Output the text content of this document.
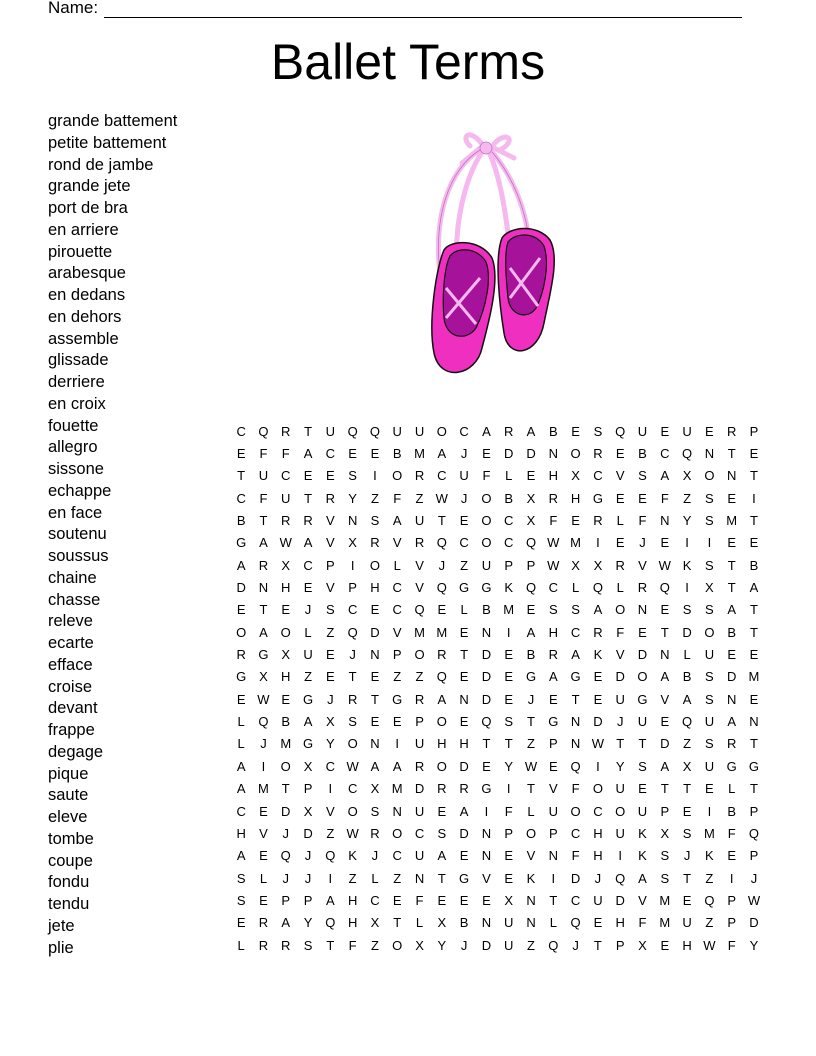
Name:
Ballet Terms
grande battement
petite battement
rond de jambe
grande jete
port de bra
en arriere
pirouette
arabesque
en dedans
en dehors
assemble
glissade
derriere
en croix
fouette
allegro
sissone
echappe
en face
soutenu
soussus
chaine
chasse
releve
ecarte
efface
croise
devant
frappe
degage
pique
saute
eleve
tombe
coupe
fondu
tendu
jete
plie
C	Q	R	T	U	Q	Q	U	U	O	C	A	R	A	B	E	S	Q	U	E	U	E	R	P
E	F	F	A	C	E	E	B	M	A	J	E	D	D	N	O	R	E	B	C	Q	N	T	E
T	U	C	E	E	S	I	O	R	C	U	F	L	E	H	X	C	V	S	A	X	O	N	T
C	F	U	T	R	Y	Z	F	Z	W	J	O	B	X	R	H	G	E	E	F	Z	S	E	I
B	T	R	R	V	N	S	A	U	T	E	O	C	X	F	E	R	L	F	N	Y	S	M	T
G	A	W	A	V	X	R	V	R	Q	C	O	C	Q	W	M	I	E	J	E	I	I	E	E
A	R	X	C	P	I	O	L	V	J	Z	U	P	P	W	X	X	R	V	W	K	S	T	B
D	N	H	E	V	P	H	C	V	Q	G	G	K	Q	C	L	Q	L	R	Q	I	X	T	A
E	T	E	J	S	C	E	C	Q	E	L	B	M	E	S	S	A	O	N	E	S	S	A	T
O	A	O	L	Z	Q	D	V	M	M	E	N	I	A	H	C	R	F	E	T	D	O	B	T
R	G	X	U	E	J	N	P	O	R	T	D	E	B	R	A	K	V	D	N	L	U	E	E
G	X	H	Z	E	T	E	Z	Z	Q	E	D	E	G	A	G	E	D	O	A	B	S	D	M
E	W	E	G	J	R	T	G	R	A	N	D	E	J	E	T	E	U	G	V	A	S	N	E
L	Q	B	A	X	S	E	E	P	O	E	Q	S	T	G	N	D	J	U	E	Q	U	A	N
L	J	M	G	Y	O	N	I	U	H	H	T	T	Z	P	N	W	T	T	D	Z	S	R	T
A	I	O	X	C	W	A	A	R	O	D	E	Y	W	E	Q	I	Y	S	A	X	U	G	G
A	M	T	P	I	C	X	M	D	R	R	G	I	T	V	F	O	U	E	T	T	E	L	T
C	E	D	X	V	O	S	N	U	E	A	I	F	L	U	O	C	O	U	P	E	I	B	P
H	V	J	D	Z	W	R	O	C	S	D	N	P	O	P	C	H	U	K	X	S	M	F	Q
A	E	Q	J	Q	K	J	C	U	A	E	N	E	V	N	F	H	I	K	S	J	K	E	P
S	L	J	J	I	Z	L	Z	N	T	G	V	E	K	I	D	J	Q	A	S	T	Z	I	J
S	E	P	P	A	H	C	E	F	E	E	E	X	N	T	C	U	D	V	M	E	Q	P	W
E	R	A	Y	Q	H	X	T	L	X	B	N	U	N	L	Q	E	H	F	M	U	Z	P	D
L	R	R	S	T	F	Z	O	X	Y	J	D	U	Z	Q	J	T	P	X	E	H	W	F	Y
